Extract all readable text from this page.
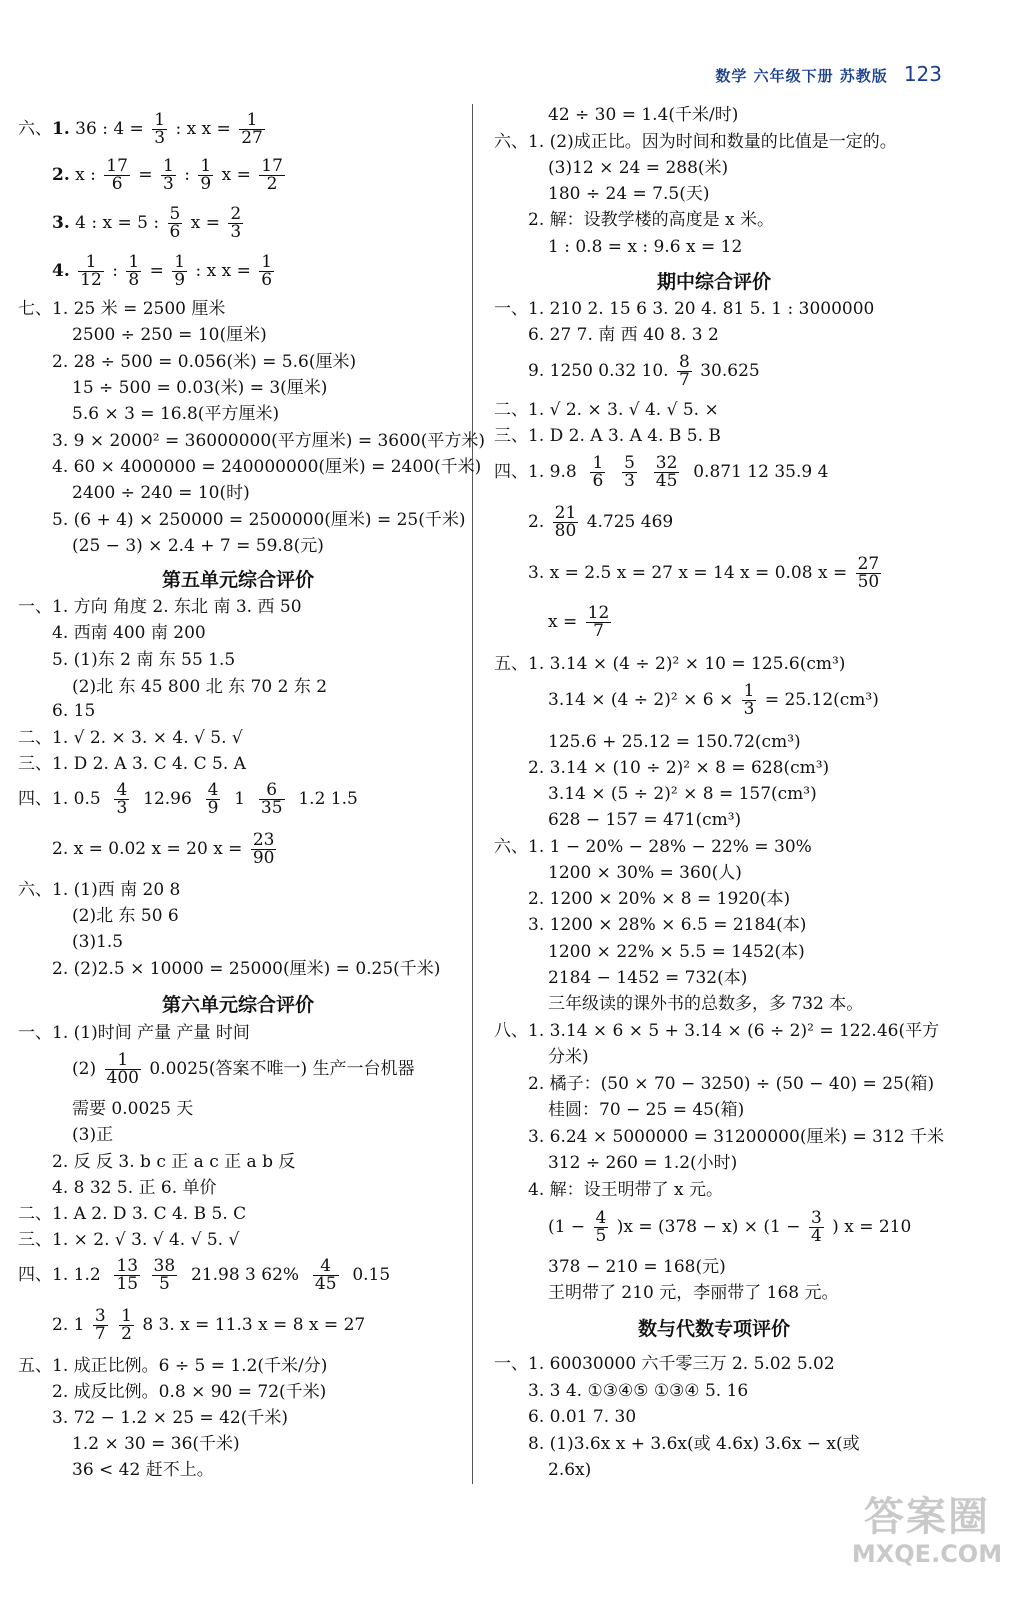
数学 六年级下册 苏教版 123
六、1. 36 : $4 = \frac{1}{3}$ : x $x = \frac{1}{27}$
2. x : $\frac{17}{6} = \frac{1}{3}$ : $\frac{1}{9}$ $x = \frac{17}{2}$
3. 4 : x = 5 : $\frac{5}{6}$ $x = \frac{2}{3}$
4. $\frac{1}{12}$ : $\frac{1}{8} = \frac{1}{9}$ : x $x = \frac{1}{6}$
七、1. 25 米 = 2500 厘米
2500 ÷ 250 = 10(厘米)
2. 28 ÷ 500 = 0.056(米) = 5.6(厘米)
15 ÷ 500 = 0.03(米) = 3(厘米)
5.6 × 3 = 16.8(平方厘米)
3. 9 × 2000² = 36000000(平方厘米) = 3600(平方米)
4. 60 × 4000000 = 240000000(厘米) = 2400(千米)
2400 ÷ 240 = 10(时)
5. (6 + 4) × 250000 = 2500000(厘米) = 25(千米)
(25 − 3) × 2.4 + 7 = 59.8(元)
第五单元综合评价
一、1. 方向 角度 2. 东北 南 3. 西 50
4. 西南 400 南 200
5. (1)东 2 南 东 55 1.5
(2)北 东 45 800 北 东 70 2 东 2
6. 15
二、1. √ 2. × 3. × 4. √ 5. √
三、1. D 2. A 3. C 4. C 5. A
四、1. $0.5 \frac{4}{3} 12.96 \frac{4}{9} 1 \frac{6}{35} 1.2$ 1.5
2. x = 0.02 x = 20 $x = \frac{23}{90}$
六、1. (1)西 南 20 8
(2)北 东 50 6
(3)1.5
2. (2)2.5 × 10000 = 25000(厘米) = 0.25(千米)
第六单元综合评价
一、1. (1)时间 产量 产量 时间
$(2) \frac{1}{400} 0.0025$(答案不唯一) 生产一台机器
需要 0.0025 天
(3)正
2. 反 反 3. b c 正 a c 正 a b 反
4. 8 32 5. 正 6. 单价
二、1. A 2. D 3. C 4. B 5. C
三、1. × 2. √ 3. √ 4. √ 5. √
四、1. $1.2 \frac{13}{15}$
$\frac{38}{5} 21.98$ 3 $62\% \frac{4}{45} 0.15$
2. $1 \frac{3}{7}$
$\frac{1}{2} 8$ 3. x = 11.3 x = 8 x = 27
五、1. 成正比例。6 ÷ 5 = 1.2(千米/分)
2. 成反比例。0.8 × 90 = 72(千米)
3. 72 − 1.2 × 25 = 42(千米)
1.2 × 30 = 36(千米)
36 < 42 赶不上。
42 ÷ 30 = 1.4(千米/时)
六、1. (2)成正比。因为时间和数量的比值是一定的。
(3)12 × 24 = 288(米)
180 ÷ 24 = 7.5(天)
2. 解：设教学楼的高度是 x 米。
1 : 0.8 = x : 9.6 x = 12
期中综合评价
一、1. 210 2. 15 6 3. 20 4. 81 5. 1 : 3000000
6. 27 7. 南 西 40 8. 3 2
9. 1250 0.32 10. $\frac{8}{7} 30.625$
二、1. √ 2. × 3. √ 4. √ 5. ×
三、1. D 2. A 3. A 4. B 5. B
四、1. $9.8 \frac{1}{6}$
$\frac{5}{3}$
$\frac{32}{45} 0.871$ 12 35.9 4
2. $\frac{21}{80} 4.725$ 469
3. x = 2.5 x = 27 x = 14 x = 0.08 $x = \frac{27}{50}$
$x = \frac{12}{7}$
五、1. 3.14 × (4 ÷ 2)² × 10 = 125.6(cm³)
$3.14 \times (4 \div 2)^2 \times 6 \times \frac{1}{3} = 25.12(cm^3)$
125.6 + 25.12 = 150.72(cm³)
2. 3.14 × (10 ÷ 2)² × 8 = 628(cm³)
3.14 × (5 ÷ 2)² × 8 = 157(cm³)
628 − 157 = 471(cm³)
六、1. 1 − 20% − 28% − 22% = 30%
1200 × 30% = 360(人)
2. 1200 × 20% × 8 = 1920(本)
3. 1200 × 28% × 6.5 = 2184(本)
1200 × 22% × 5.5 = 1452(本)
2184 − 1452 = 732(本)
三年级读的课外书的总数多，多 732 本。
八、1. 3.14 × 6 × 5 + 3.14 × (6 ÷ 2)² = 122.46(平方
分米)
2. 橘子：(50 × 70 − 3250) ÷ (50 − 40) = 25(箱)
桂圆：70 − 25 = 45(箱)
3. 6.24 × 5000000 = 31200000(厘米) = 312 千米
312 ÷ 260 = 1.2(小时)
4. 解：设王明带了 x 元。
$(1 - \frac{4}{5} )x = (378 - x) \times (1 - \frac{3}{4}$ ) x = 210
378 − 210 = 168(元)
王明带了 210 元，李丽带了 168 元。
数与代数专项评价
一、1. 60030000 六千零三万 2. 5.02 5.02
3. 3 4. ①③④⑤ ①③④ 5. 16
6. 0.01 7. 30
8. (1)3.6x x + 3.6x(或 4.6x) 3.6x − x(或
2.6x)
答案圈
MXQE.COM
